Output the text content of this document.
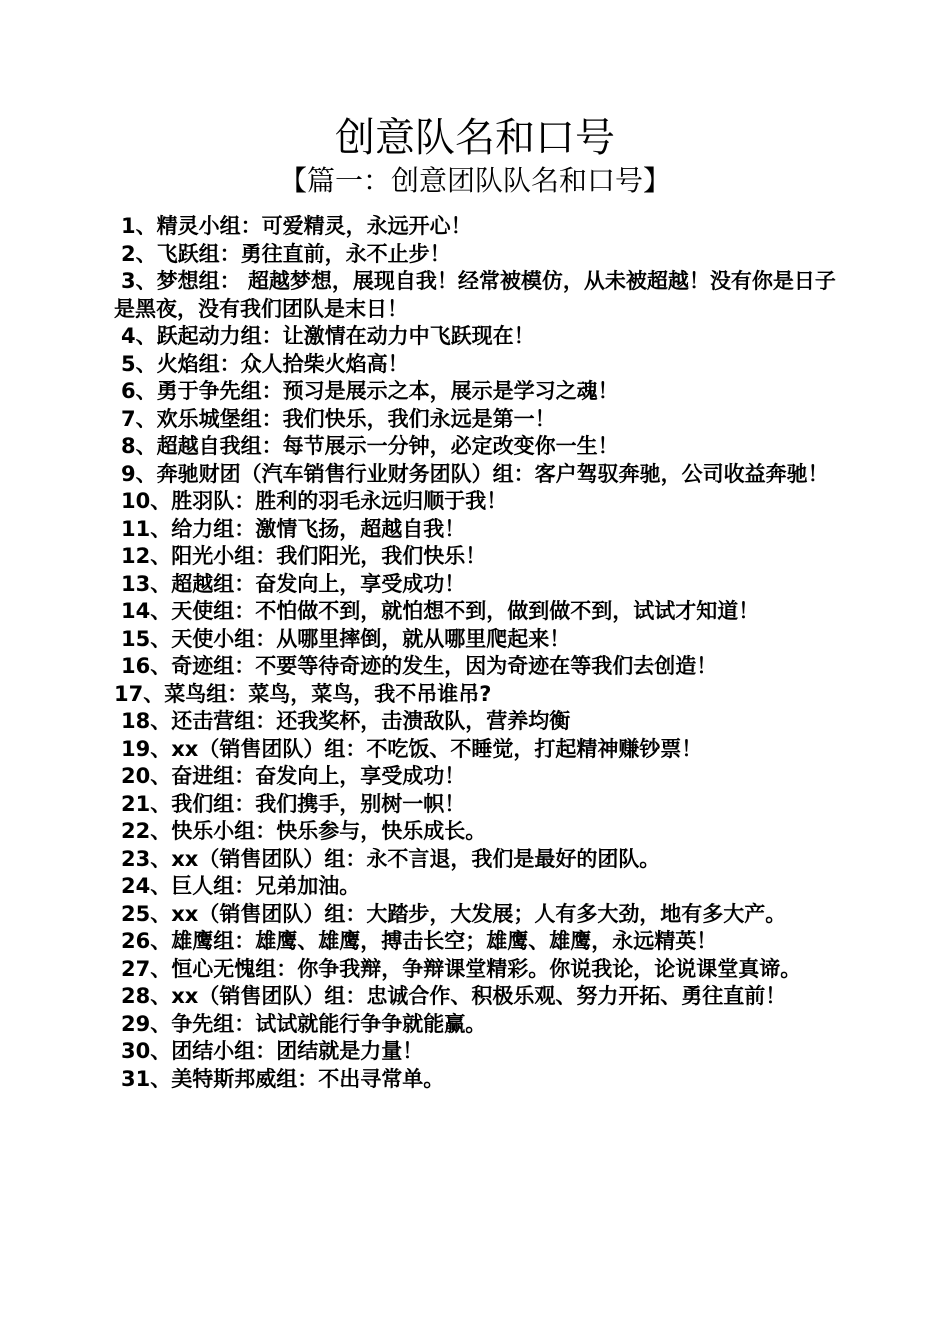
创意队名和口号
【篇一：创意团队队名和口号】
1、精灵小组：可爱精灵，永远开心！
2、飞跃组：勇往直前，永不止步！
3、梦想组： 超越梦想，展现自我！经常被模仿，从未被超越！没有你是日子是黑夜，没有我们团队是末日！
4、跃起动力组：让激情在动力中飞跃现在！
5、火焰组：众人拾柴火焰高！
6、勇于争先组：预习是展示之本，展示是学习之魂！
7、欢乐城堡组：我们快乐，我们永远是第一！
8、超越自我组：每节展示一分钟，必定改变你一生！
9、奔驰财团（汽车销售行业财务团队）组：客户驾驭奔驰，公司收益奔驰！
10、胜羽队：胜利的羽毛永远归顺于我！
11、给力组：激情飞扬，超越自我！
12、阳光小组：我们阳光，我们快乐！
13、超越组：奋发向上，享受成功！
14、天使组：不怕做不到，就怕想不到，做到做不到，试试才知道！
15、天使小组：从哪里摔倒，就从哪里爬起来！
16、奇迹组：不要等待奇迹的发生，因为奇迹在等我们去创造！
17、菜鸟组：菜鸟，菜鸟，我不吊谁吊?
18、还击营组：还我奖杯，击溃敌队，营养均衡
19、xx（销售团队）组：不吃饭、不睡觉，打起精神赚钞票！
20、奋进组：奋发向上，享受成功！
21、我们组：我们携手，别树一帜！
22、快乐小组：快乐参与，快乐成长。
23、xx（销售团队）组：永不言退，我们是最好的团队。
24、巨人组：兄弟加油。
25、xx（销售团队）组：大踏步，大发展；人有多大劲，地有多大产。
26、雄鹰组：雄鹰、雄鹰，搏击长空；雄鹰、雄鹰，永远精英！
27、恒心无愧组：你争我辩，争辩课堂精彩。你说我论，论说课堂真谛。
28、xx（销售团队）组：忠诚合作、积极乐观、努力开拓、勇往直前！
29、争先组：试试就能行争争就能赢。
30、团结小组：团结就是力量！
31、美特斯邦威组：不出寻常单。
